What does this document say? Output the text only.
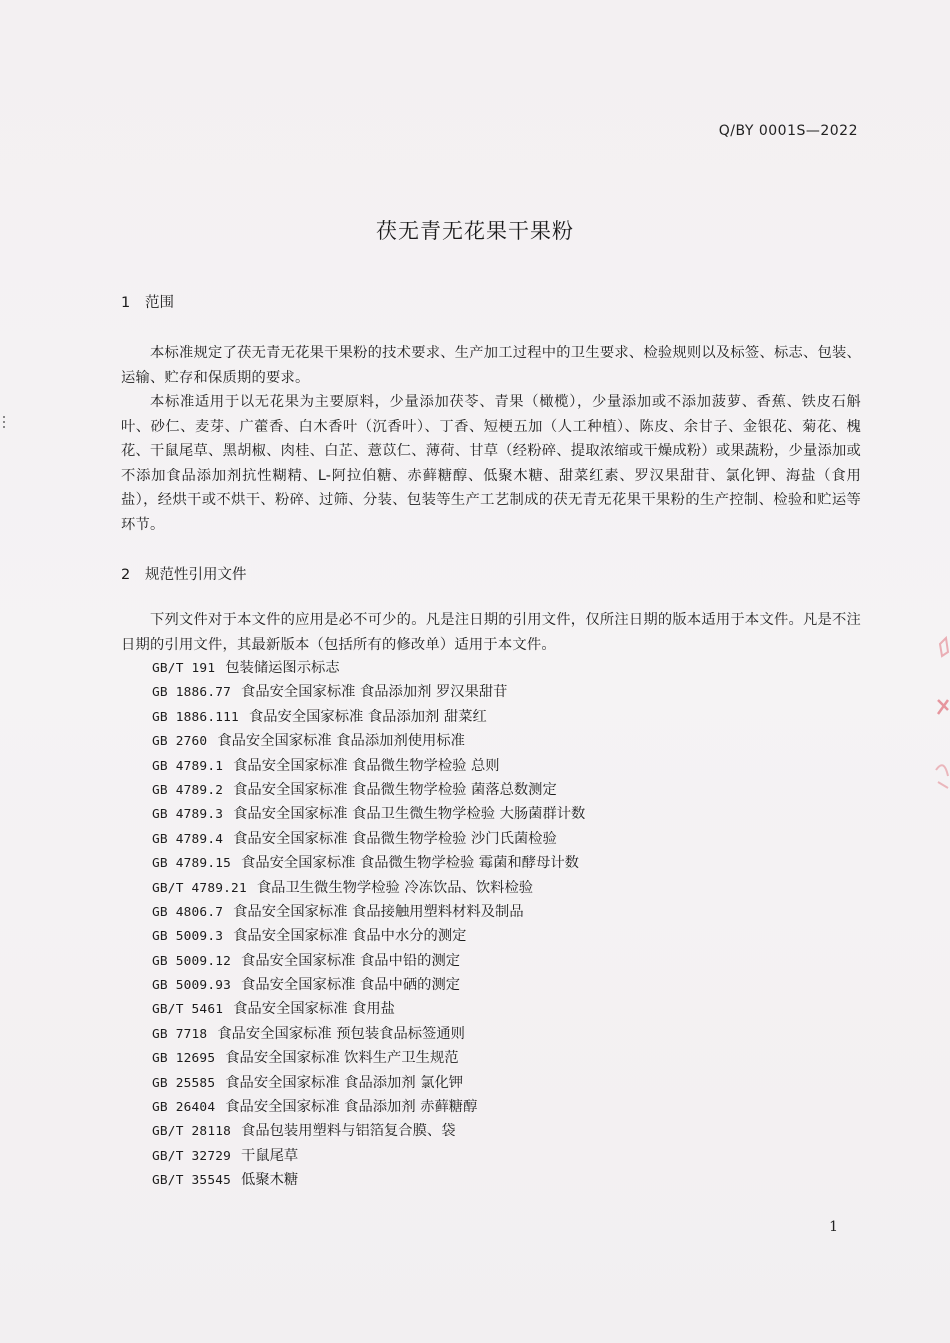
Q/BY 0001S—2022
茯无青无花果干果粉
1 范围
本标准规定了茯无青无花果干果粉的技术要求、生产加工过程中的卫生要求、检验规则以及标签、标志、包装、运输、贮存和保质期的要求。
本标准适用于以无花果为主要原料，少量添加茯苓、青果（橄榄），少量添加或不添加菠萝、香蕉、铁皮石斛叶、砂仁、麦芽、广藿香、白木香叶（沉香叶）、丁香、短梗五加（人工种植）、陈皮、余甘子、金银花、菊花、槐花、干鼠尾草、黑胡椒、肉桂、白芷、薏苡仁、薄荷、甘草（经粉碎、提取浓缩或干燥成粉）或果蔬粉，少量添加或不添加食品添加剂抗性糊精、L-阿拉伯糖、赤藓糖醇、低聚木糖、甜菜红素、罗汉果甜苷、氯化钾、海盐（食用盐），经烘干或不烘干、粉碎、过筛、分装、包装等生产工艺制成的茯无青无花果干果粉的生产控制、检验和贮运等环节。
2 规范性引用文件
下列文件对于本文件的应用是必不可少的。凡是注日期的引用文件，仅所注日期的版本适用于本文件。凡是不注日期的引用文件，其最新版本（包括所有的修改单）适用于本文件。
GB/T 191 包装储运图示标志
GB 1886.77 食品安全国家标准 食品添加剂 罗汉果甜苷
GB 1886.111 食品安全国家标准 食品添加剂 甜菜红
GB 2760 食品安全国家标准 食品添加剂使用标准
GB 4789.1 食品安全国家标准 食品微生物学检验 总则
GB 4789.2 食品安全国家标准 食品微生物学检验 菌落总数测定
GB 4789.3 食品安全国家标准 食品卫生微生物学检验 大肠菌群计数
GB 4789.4 食品安全国家标准 食品微生物学检验 沙门氏菌检验
GB 4789.15 食品安全国家标准 食品微生物学检验 霉菌和酵母计数
GB/T 4789.21 食品卫生微生物学检验 冷冻饮品、饮料检验
GB 4806.7 食品安全国家标准 食品接触用塑料材料及制品
GB 5009.3 食品安全国家标准 食品中水分的测定
GB 5009.12 食品安全国家标准 食品中铅的测定
GB 5009.93 食品安全国家标准 食品中硒的测定
GB/T 5461 食品安全国家标准 食用盐
GB 7718 食品安全国家标准 预包装食品标签通则
GB 12695 食品安全国家标准 饮料生产卫生规范
GB 25585 食品安全国家标准 食品添加剂 氯化钾
GB 26404 食品安全国家标准 食品添加剂 赤藓糖醇
GB/T 28118 食品包装用塑料与铝箔复合膜、袋
GB/T 32729 干鼠尾草
GB/T 35545 低聚木糖
1
